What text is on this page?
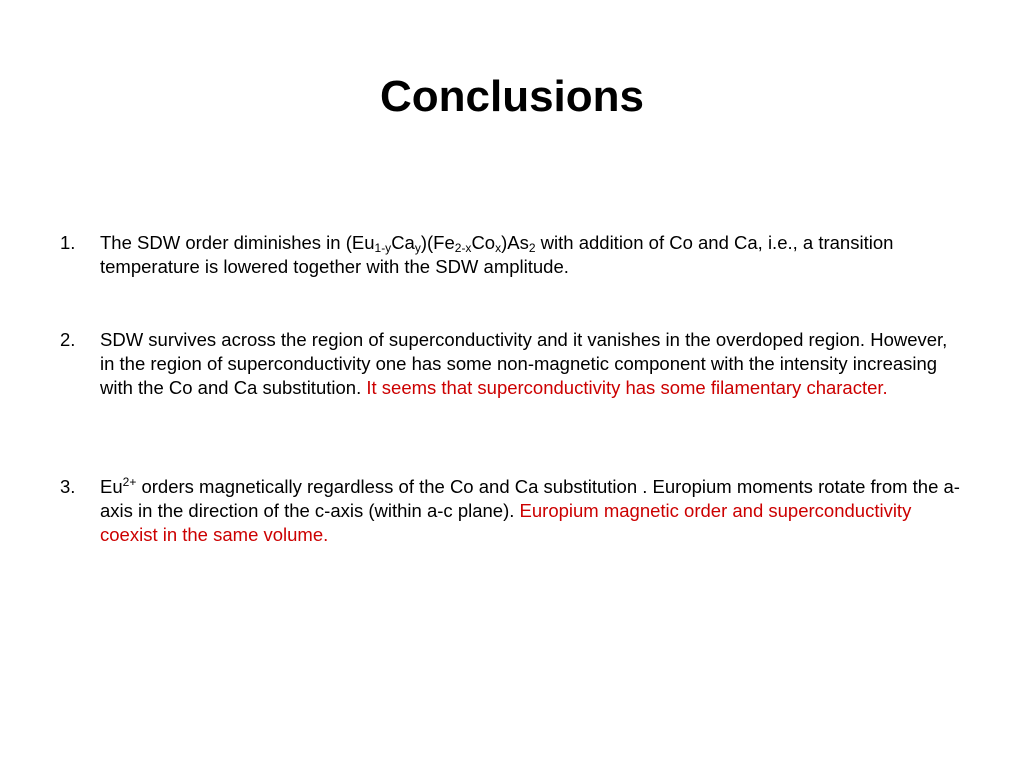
Conclusions
1.	The SDW order diminishes in $(Eu_{1-y}Ca_y)(Fe_{2-x}Co_x)As_2$ with addition of Co and Ca, i.e., a transition temperature is lowered together with the SDW amplitude.
2.	SDW survives across the region of superconductivity and it vanishes in the overdoped region. However, in the region of superconductivity one has some non-magnetic component with the intensity increasing with the Co and Ca substitution. It seems that superconductivity has some filamentary character.
3.	$Eu^{2+}$ orders magnetically regardless of the Co and Ca substitution . Europium moments rotate from the a-axis in the direction of the c-axis (within a-c plane). Europium magnetic order and superconductivity coexist in the same volume.
